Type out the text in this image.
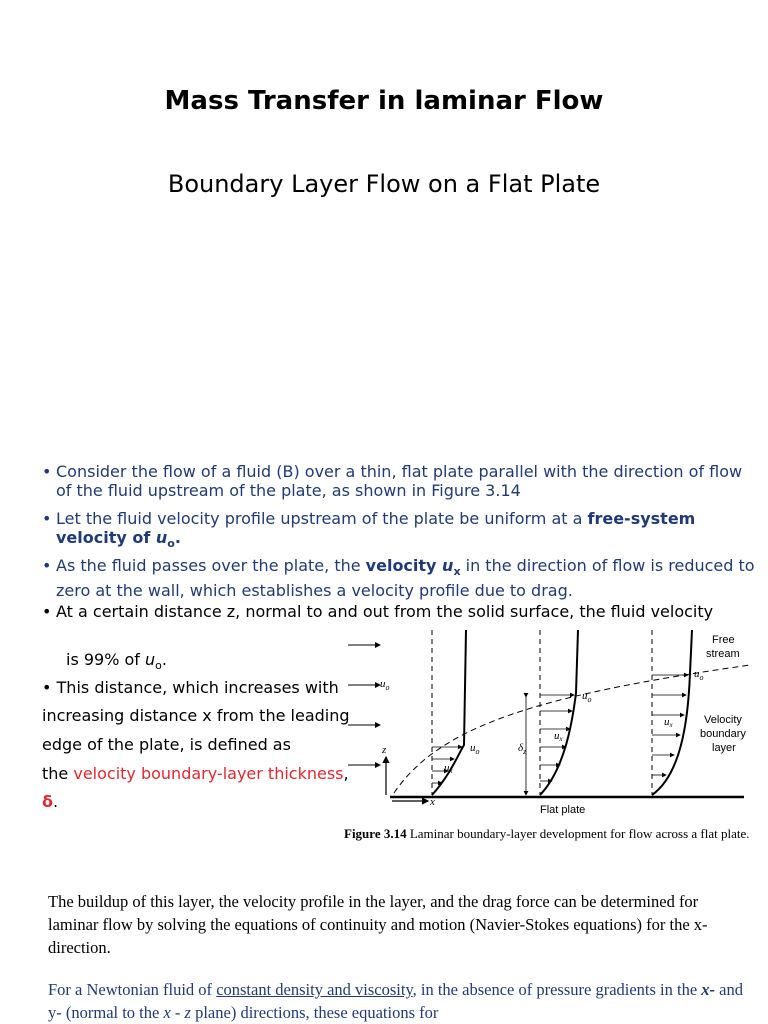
Mass Transfer in laminar Flow
Boundary Layer Flow on a Flat Plate
• Consider the flow of a fluid (B) over a thin, flat plate parallel with the direction of flow of the fluid upstream of the plate, as shown in Figure 3.14
• Let the fluid velocity profile upstream of the plate be uniform at a free-system velocity of $u_o$.
• As the fluid passes over the plate, the velocity $u_x$ in the direction of flow is reduced to zero at the wall, which establishes a velocity profile due to drag.
• At a certain distance z, normal to and out from the solid surface, the fluid velocity
is 99% of $u_o$.
• This distance, which increases with
increasing distance x from the leading
edge of the plate, is defined as
the velocity boundary-layer thickness,
δ.
z
x
$u_o$
$u_o$
ux
$\delta_z$
$u_o$
ux
$u_o$
ux
Free
stream
Velocity
boundary
layer
Flat plate
Figure 3.14 Laminar boundary-layer development for flow across a flat plate.
The buildup of this layer, the velocity profile in the layer, and the drag force can be determined for laminar flow by solving the equations of continuity and motion (Navier-Stokes equations) for the x-direction.
For a Newtonian fluid of constant density and viscosity, in the absence of pressure gradients in the x- and y- (normal to the x - z plane) directions, these equations for
